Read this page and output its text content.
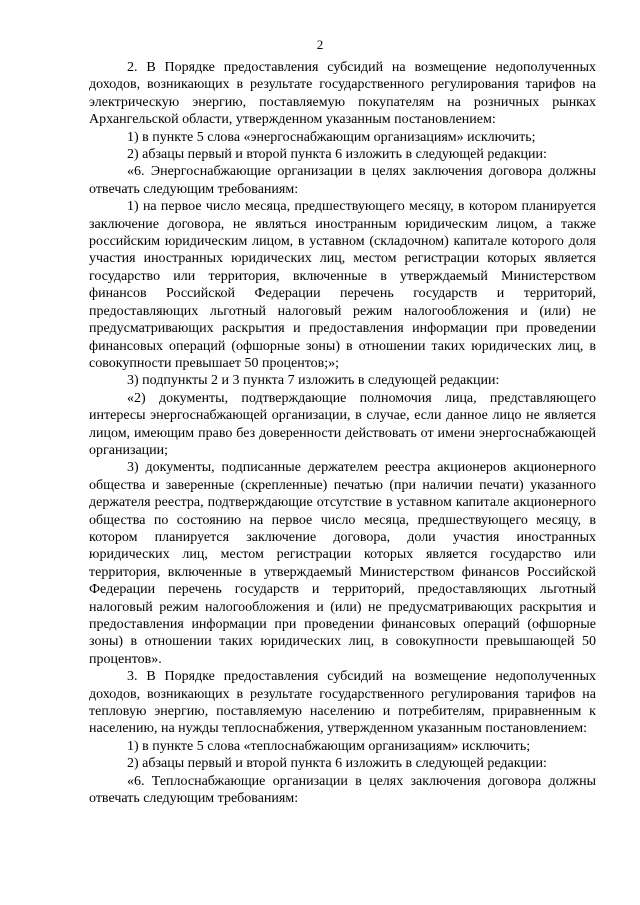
2

2. В Порядке предоставления субсидий на возмещение недополученных доходов, возникающих в результате государственного регулирования тарифов на электрическую энергию, поставляемую покупателям на розничных рынках Архангельской области, утвержденном указанным постановлением:

1) в пункте 5 слова «энергоснабжающим организациям» исключить;

2) абзацы первый и второй пункта 6 изложить в следующей редакции:

«6. Энергоснабжающие организации в целях заключения договора должны отвечать следующим требованиям:

1) на первое число месяца, предшествующего месяцу, в котором планируется заключение договора, не являться иностранным юридическим лицом, а также российским юридическим лицом, в уставном (складочном) капитале которого доля участия иностранных юридических лиц, местом регистрации которых является государство или территория, включенные в утверждаемый Министерством финансов Российской Федерации перечень государств и территорий, предоставляющих льготный налоговый режим налогообложения и (или) не предусматривающих раскрытия и предоставления информации при проведении финансовых операций (офшорные зоны) в отношении таких юридических лиц, в совокупности превышает 50 процентов;»;

3) подпункты 2 и 3 пункта 7 изложить в следующей редакции:

«2) документы, подтверждающие полномочия лица, представляющего интересы энергоснабжающей организации, в случае, если данное лицо не является лицом, имеющим право без доверенности действовать от имени энергоснабжающей организации;

3) документы, подписанные держателем реестра акционеров акционерного общества и заверенные (скрепленные) печатью (при наличии печати) указанного держателя реестра, подтверждающие отсутствие в уставном капитале акционерного общества по состоянию на первое число месяца, предшествующего месяцу, в котором планируется заключение договора, доли участия иностранных юридических лиц, местом регистрации которых является государство или территория, включенные в утверждаемый Министерством финансов Российской Федерации перечень государств и территорий, предоставляющих льготный налоговый режим налогообложения и (или) не предусматривающих раскрытия и предоставления информации при проведении финансовых операций (офшорные зоны) в отношении таких юридических лиц, в совокупности превышающей 50 процентов».

3. В Порядке предоставления субсидий на возмещение недополученных доходов, возникающих в результате государственного регулирования тарифов на тепловую энергию, поставляемую населению и потребителям, приравненным к населению, на нужды теплоснабжения, утвержденном указанным постановлением:

1) в пункте 5 слова «теплоснабжающим организациям» исключить;

2) абзацы первый и второй пункта 6 изложить в следующей редакции:

«6. Теплоснабжающие организации в целях заключения договора должны отвечать следующим требованиям:
